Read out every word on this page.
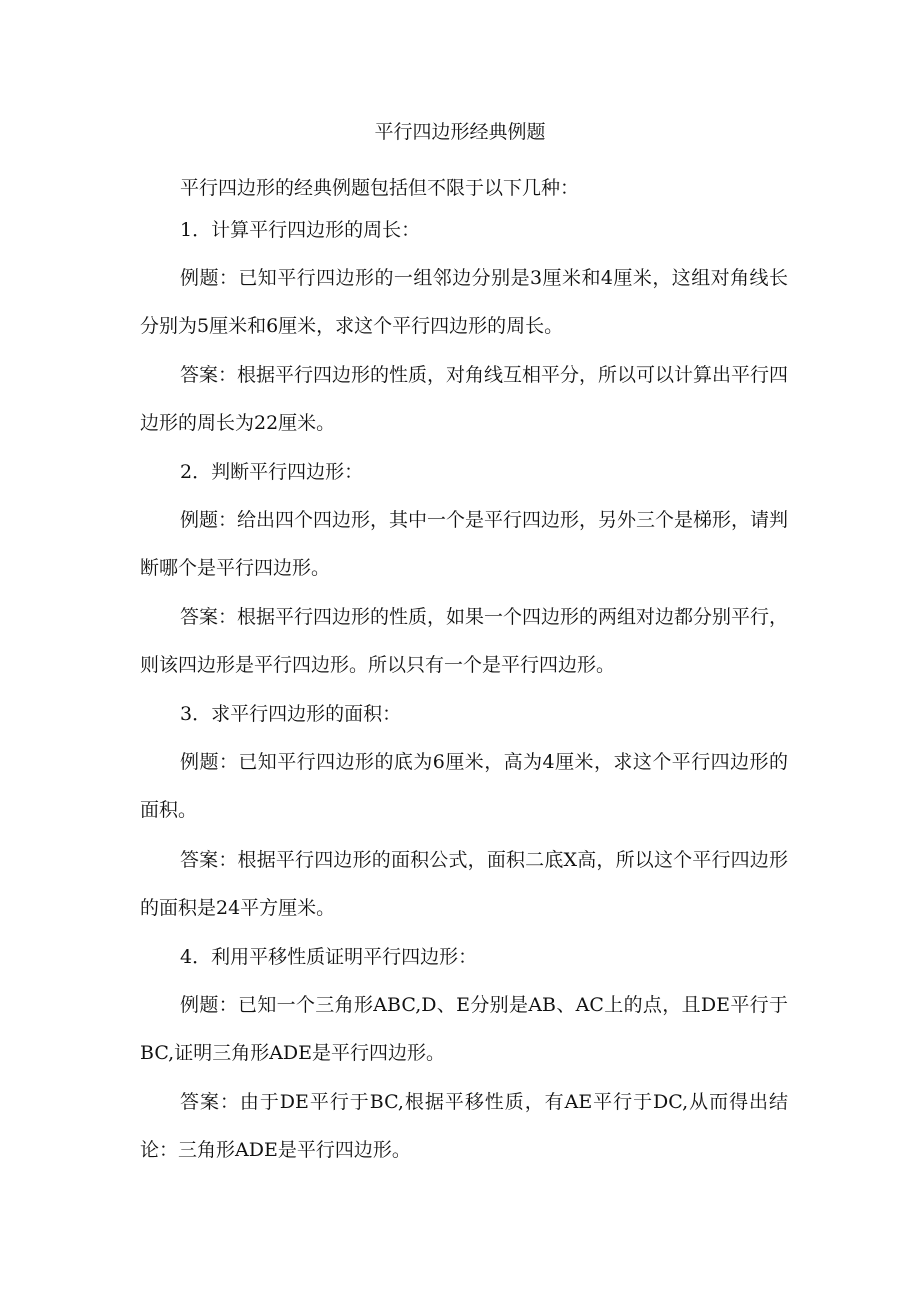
平行四边形经典例题

平行四边形的经典例题包括但不限于以下几种：

1．计算平行四边形的周长：

例题：已知平行四边形的一组邻边分别是3厘米和4厘米，这组对角线长分别为5厘米和6厘米，求这个平行四边形的周长。

答案：根据平行四边形的性质，对角线互相平分，所以可以计算出平行四边形的周长为22厘米。

2．判断平行四边形：

例题：给出四个四边形，其中一个是平行四边形，另外三个是梯形，请判断哪个是平行四边形。

答案：根据平行四边形的性质，如果一个四边形的两组对边都分别平行，则该四边形是平行四边形。所以只有一个是平行四边形。

3．求平行四边形的面积：

例题：已知平行四边形的底为6厘米，高为4厘米，求这个平行四边形的面积。

答案：根据平行四边形的面积公式，面积二底X高，所以这个平行四边形的面积是24平方厘米。

4．利用平移性质证明平行四边形：

例题：已知一个三角形ABC,D、E分别是AB、AC上的点，且DE平行于BC,证明三角形ADE是平行四边形。

答案：由于DE平行于BC,根据平移性质，有AE平行于DC,从而得出结论：三角形ADE是平行四边形。
